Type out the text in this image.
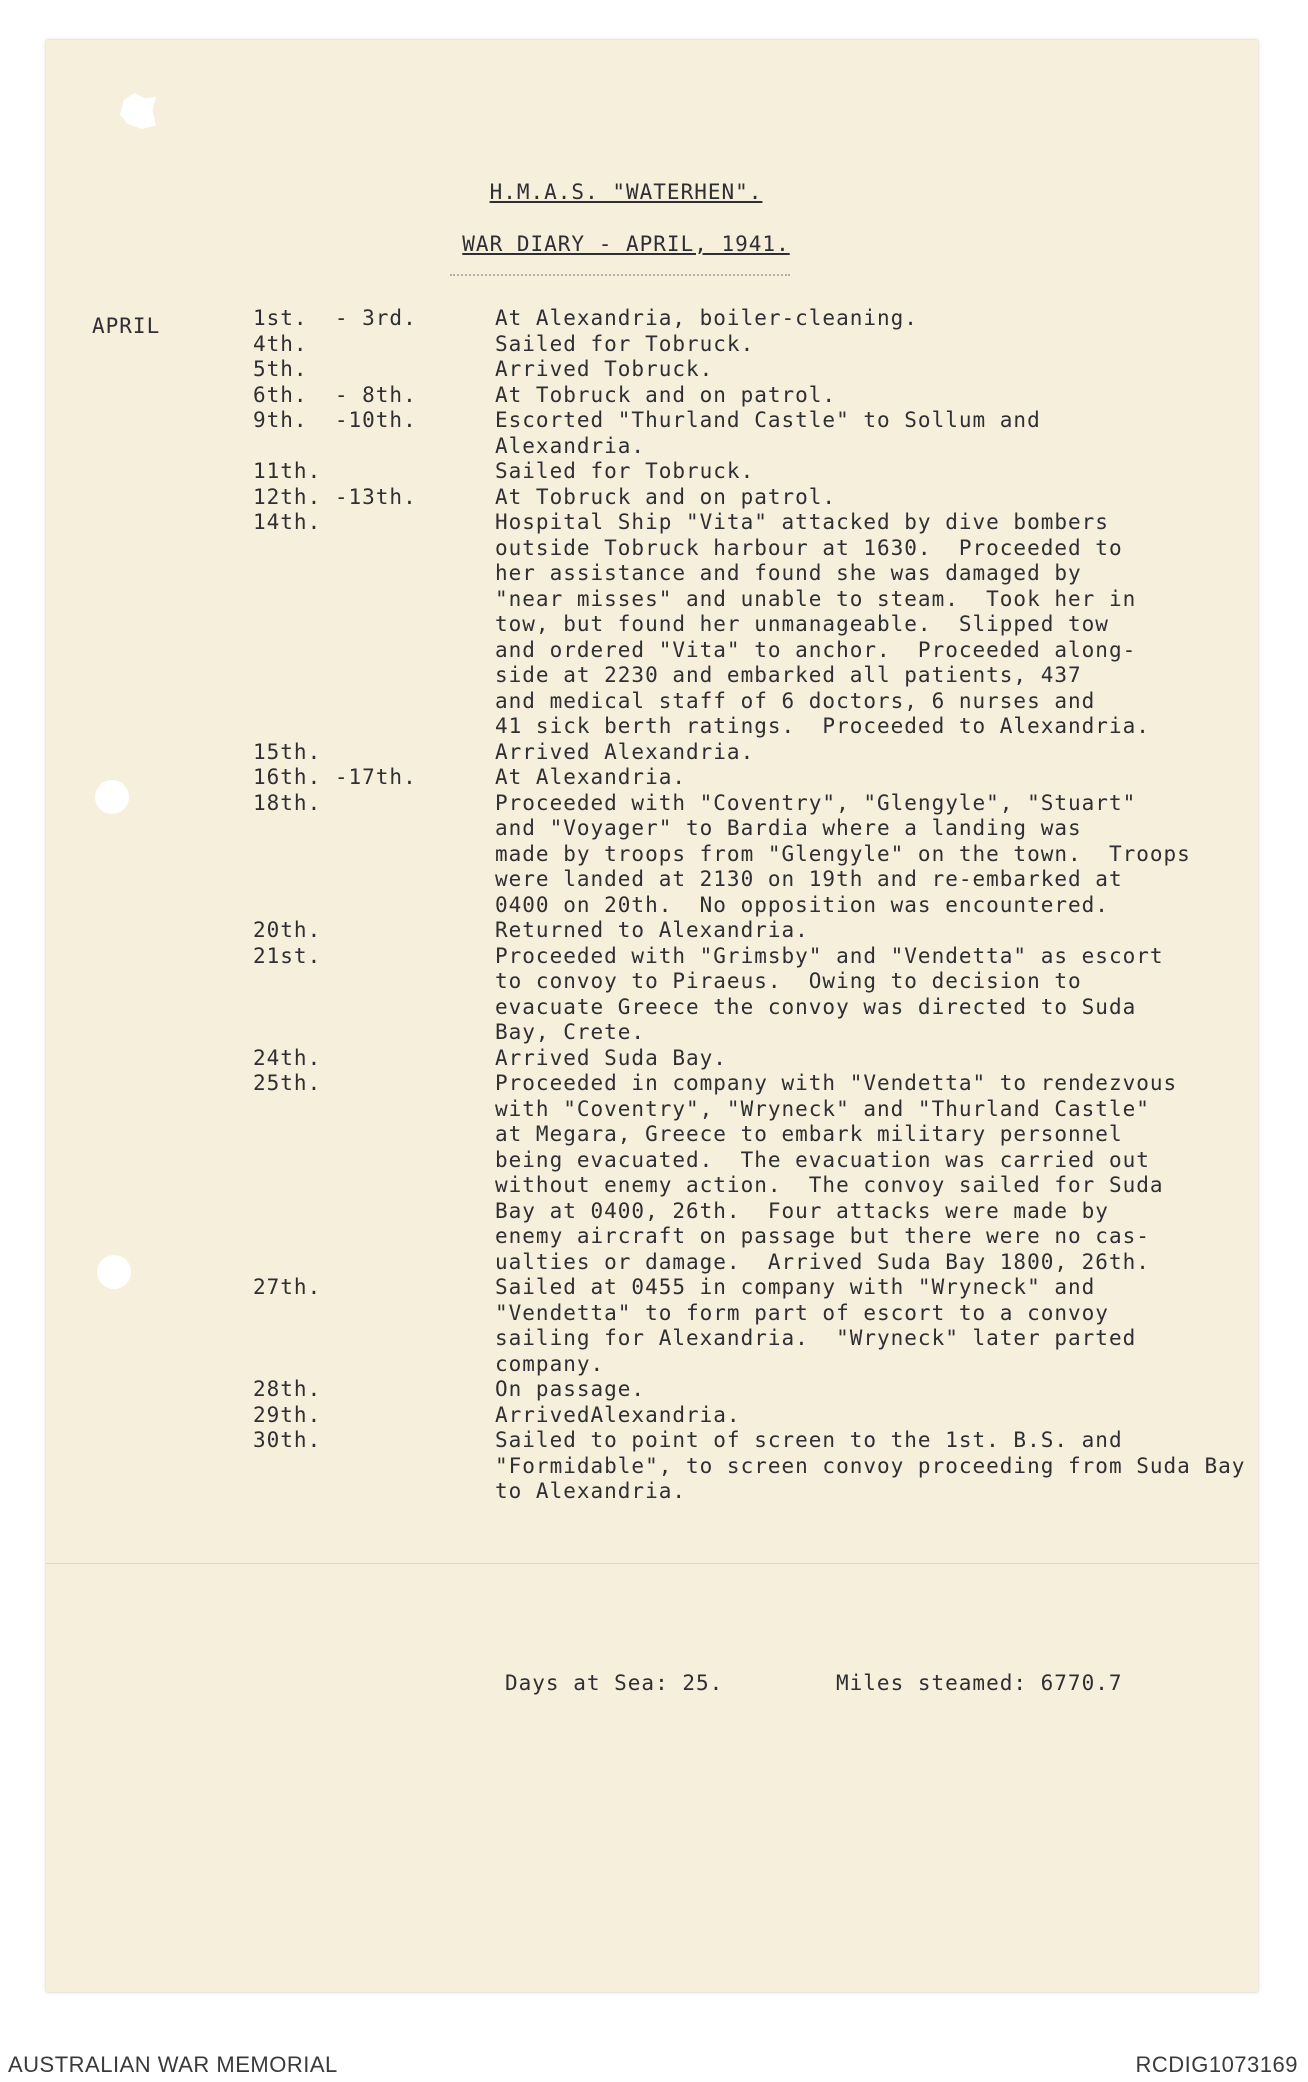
H.M.A.S. "WATERHEN".
WAR DIARY - APRIL, 1941.
APRIL	1st.  - 3rd.	At Alexandria, boiler-cleaning.
4th.	Sailed for Tobruck.
5th.	Arrived Tobruck.
6th.  - 8th.	At Tobruck and on patrol.
9th.  -10th.	Escorted "Thurland Castle" to Sollum and
Alexandria.
11th.	Sailed for Tobruck.
12th. -13th.	At Tobruck and on patrol.
14th.	Hospital Ship "Vita" attacked by dive bombers
outside Tobruck harbour at 1630.  Proceeded to
her assistance and found she was damaged by
"near misses" and unable to steam.  Took her in
tow, but found her unmanageable.  Slipped tow
and ordered "Vita" to anchor.  Proceeded along-
side at 2230 and embarked all patients, 437
and medical staff of 6 doctors, 6 nurses and
41 sick berth ratings.  Proceeded to Alexandria.
15th.	Arrived Alexandria.
16th. -17th.	At Alexandria.
18th.	Proceeded with "Coventry", "Glengyle", "Stuart"
and "Voyager" to Bardia where a landing was
made by troops from "Glengyle" on the town.  Troops
were landed at 2130 on 19th and re-embarked at
0400 on 20th.  No opposition was encountered.
20th.	Returned to Alexandria.
21st.	Proceeded with "Grimsby" and "Vendetta" as escort
to convoy to Piraeus.  Owing to decision to
evacuate Greece the convoy was directed to Suda
Bay, Crete.
24th.	Arrived Suda Bay.
25th.	Proceeded in company with "Vendetta" to rendezvous
with "Coventry", "Wryneck" and "Thurland Castle"
at Megara, Greece to embark military personnel
being evacuated.  The evacuation was carried out
without enemy action.  The convoy sailed for Suda
Bay at 0400, 26th.  Four attacks were made by
enemy aircraft on passage but there were no cas-
ualties or damage.  Arrived Suda Bay 1800, 26th.
27th.	Sailed at 0455 in company with "Wryneck" and
"Vendetta" to form part of escort to a convoy
sailing for Alexandria.  "Wryneck" later parted
company.
28th.	On passage.
29th.	ArrivedAlexandria.
30th.	Sailed to point of screen to the 1st. B.S. and
"Formidable", to screen convoy proceeding from Suda Bay
to Alexandria.
Days at Sea: 25.	Miles steamed: 6770.7
AUSTRALIAN WAR MEMORIAL	RCDIG1073169
